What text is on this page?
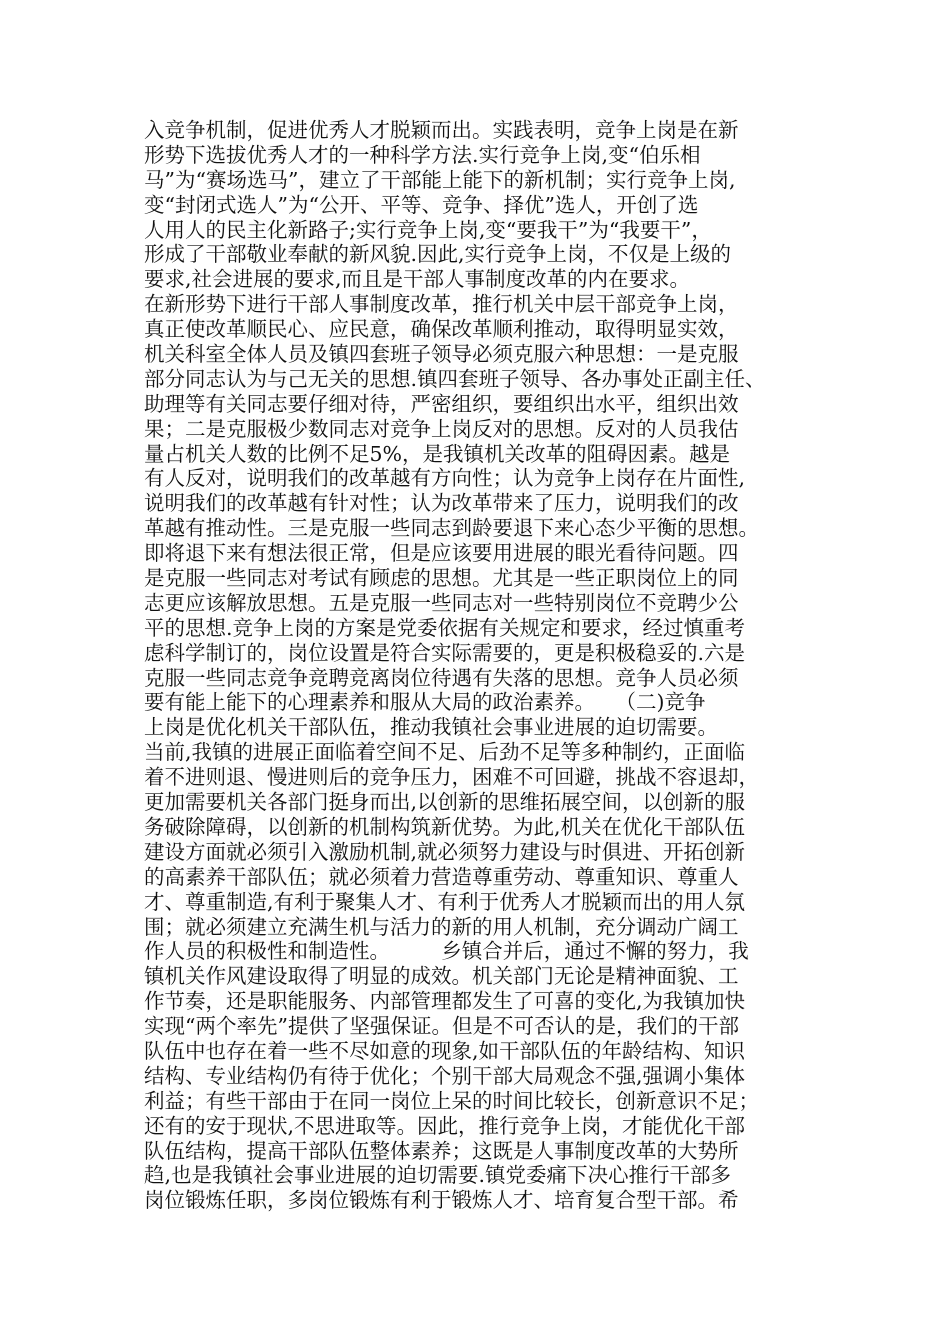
入竞争机制，促进优秀人才脱颖而出。实践表明，竞争上岗是在新
形势下选拔优秀人才的一种科学方法.实行竞争上岗,变“伯乐相
马”为“赛场选马”，建立了干部能上能下的新机制；实行竞争上岗,
变“封闭式选人”为“公开、平等、竞争、择优”选人，开创了选
人用人的民主化新路子;实行竞争上岗,变“要我干”为“我要干”，
形成了干部敬业奉献的新风貌.因此,实行竞争上岗，不仅是上级的
要求,社会进展的要求,而且是干部人事制度改革的内在要求。
在新形势下进行干部人事制度改革，推行机关中层干部竞争上岗，
真正使改革顺民心、应民意，确保改革顺利推动，取得明显实效，
机关科室全体人员及镇四套班子领导必须克服六种思想：一是克服
部分同志认为与己无关的思想.镇四套班子领导、各办事处正副主任、
助理等有关同志要仔细对待，严密组织，要组织出水平，组织出效
果；二是克服极少数同志对竞争上岗反对的思想。反对的人员我估
量占机关人数的比例不足5%，是我镇机关改革的阻碍因素。越是
有人反对，说明我们的改革越有方向性；认为竞争上岗存在片面性,
说明我们的改革越有针对性；认为改革带来了压力，说明我们的改
革越有推动性。三是克服一些同志到龄要退下来心态少平衡的思想。
即将退下来有想法很正常，但是应该要用进展的眼光看待问题。四
是克服一些同志对考试有顾虑的思想。尤其是一些正职岗位上的同
志更应该解放思想。五是克服一些同志对一些特别岗位不竞聘少公
平的思想.竞争上岗的方案是党委依据有关规定和要求，经过慎重考
虑科学制订的，岗位设置是符合实际需要的，更是积极稳妥的.六是
克服一些同志竞争竞聘竞离岗位待遇有失落的思想。竞争人员必须
要有能上能下的心理素养和服从大局的政治素养。　　（二)竞争
上岗是优化机关干部队伍，推动我镇社会事业进展的迫切需要。
当前,我镇的进展正面临着空间不足、后劲不足等多种制约，正面临
着不进则退、慢进则后的竞争压力，困难不可回避，挑战不容退却，
更加需要机关各部门挺身而出,以创新的思维拓展空间，以创新的服
务破除障碍，以创新的机制构筑新优势。为此,机关在优化干部队伍
建设方面就必须引入激励机制,就必须努力建设与时俱进、开拓创新
的高素养干部队伍；就必须着力营造尊重劳动、尊重知识、尊重人
才、尊重制造,有利于聚集人才、有利于优秀人才脱颖而出的用人氛
围；就必须建立充满生机与活力的新的用人机制，充分调动广阔工
作人员的积极性和制造性。　　　乡镇合并后，通过不懈的努力，我
镇机关作风建设取得了明显的成效。机关部门无论是精神面貌、工
作节奏，还是职能服务、内部管理都发生了可喜的变化,为我镇加快
实现“两个率先”提供了坚强保证。但是不可否认的是，我们的干部
队伍中也存在着一些不尽如意的现象,如干部队伍的年龄结构、知识
结构、专业结构仍有待于优化；个别干部大局观念不强,强调小集体
利益；有些干部由于在同一岗位上呆的时间比较长，创新意识不足；
还有的安于现状,不思进取等。因此，推行竞争上岗，才能优化干部
队伍结构，提高干部队伍整体素养；这既是人事制度改革的大势所
趋,也是我镇社会事业进展的迫切需要.镇党委痛下决心推行干部多
岗位锻炼任职，多岗位锻炼有利于锻炼人才、培育复合型干部。希
